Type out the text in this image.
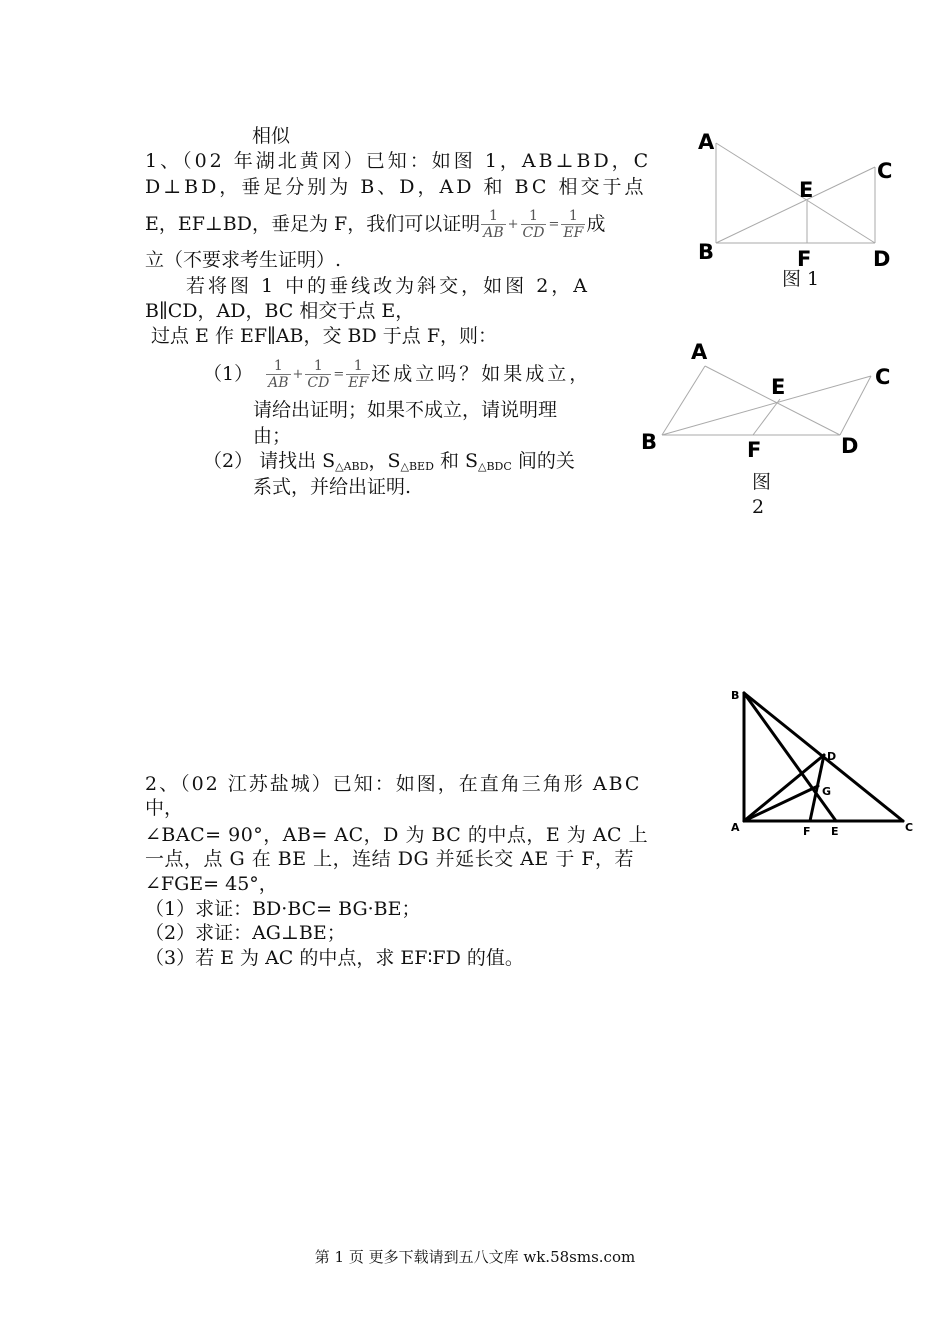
相似
1、（02 年湖北黄冈）已知：如图 1，AB⊥BD，C
D⊥BD，垂足分别为 B、D，AD 和 BC 相交于点
E，EF⊥BD，垂足为 F，我们可以证明 $\frac{1}{AB} + \frac{1}{CD} = \frac{1}{EF}$ 成
立（不要求考生证明）.
若将图 1 中的垂线改为斜交，如图 2，A
B∥CD，AD，BC 相交于点 E，
过点 E 作 EF∥AB，交 BD 于点 F，则：
$(1) \frac{1}{AB} + \frac{1}{CD} = \frac{1}{EF}$ 还成立吗？如果成立，
请给出证明；如果不成立，请说明理
由；
（2） 请找出 $S_{\triangle ABD}$，$S_{\triangle BED}$ 和 $S_{\triangle BDC}$ 间的关
系式，并给出证明.
A
B
C
D
E
F
图 1
A
B
C
D
E
F
图
2
B
A	C
D
G
F E
2、（02 江苏盐城）已知：如图，在直角三角形 ABC
中，
∠BAC= 90°，AB= AC，D 为 BC 的中点，E 为 AC 上
一点，点 G 在 BE 上，连结 DG 并延长交 AE 于 F，若
∠FGE= 45°，
（1）求证：BD·BC= BG·BE；
（2）求证：AG⊥BE；
（3）若 E 为 AC 的中点，求 EF∶FD 的值。
第 1 页 更多下载请到五八文库 wk.58sms.com
